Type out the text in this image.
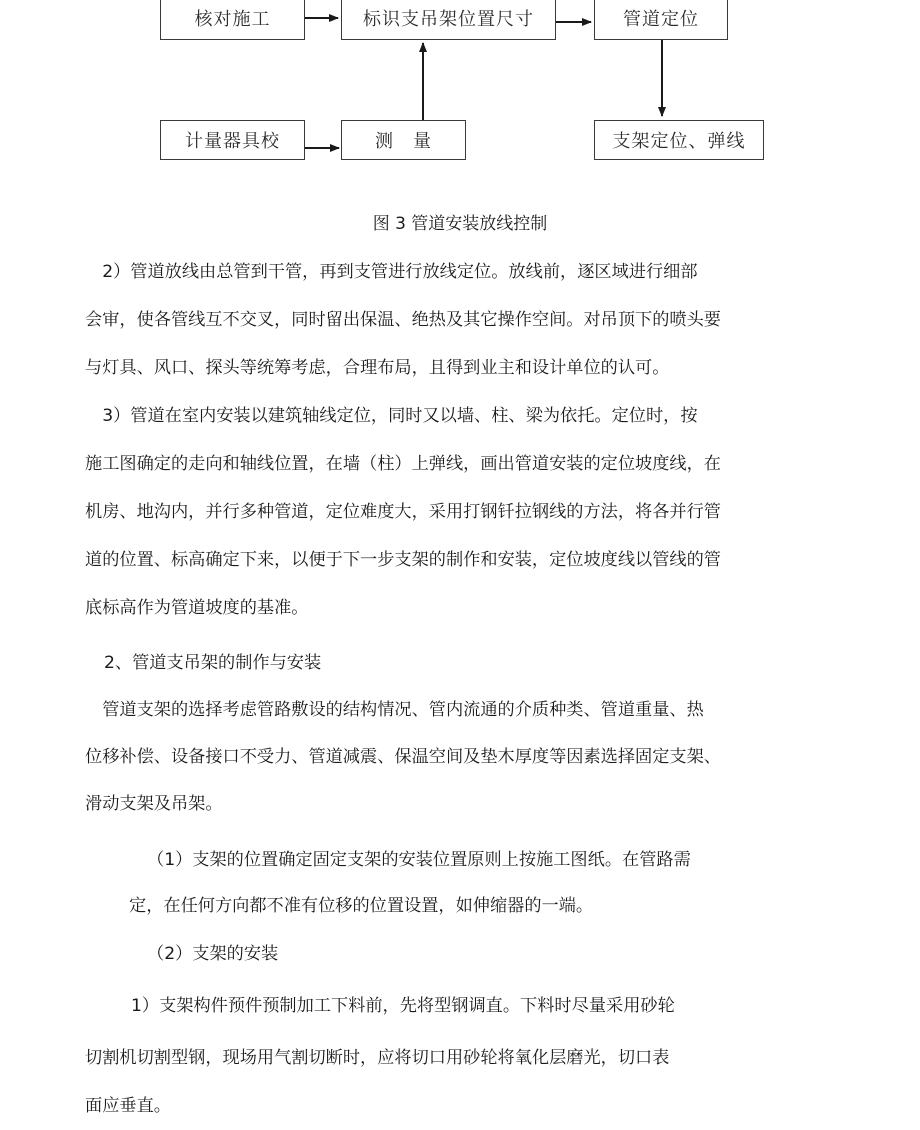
核对施工	标识支吊架位置尺寸	管道定位
计量器具校	测　量	支架定位、弹线
图 3 管道安装放线控制
　2）管道放线由总管到干管，再到支管进行放线定位。放线前，逐区域进行细部
会审，使各管线互不交叉，同时留出保温、绝热及其它操作空间。对吊顶下的喷头要
与灯具、风口、探头等统筹考虑，合理布局，且得到业主和设计单位的认可。
　3）管道在室内安装以建筑轴线定位，同时又以墙、柱、梁为依托。定位时，按
施工图确定的走向和轴线位置，在墙（柱）上弹线，画出管道安装的定位坡度线，在
机房、地沟内，并行多种管道，定位难度大，采用打钢钎拉钢线的方法，将各并行管
道的位置、标高确定下来，以便于下一步支架的制作和安装，定位坡度线以管线的管
底标高作为管道坡度的基准。
2、管道支吊架的制作与安装
　管道支架的选择考虑管路敷设的结构情况、管内流通的介质种类、管道重量、热
位移补偿、设备接口不受力、管道减震、保温空间及垫木厚度等因素选择固定支架、
滑动支架及吊架。
（1）支架的位置确定固定支架的安装位置原则上按施工图纸。在管路需
定，在任何方向都不准有位移的位置设置，如伸缩器的一端。
（2）支架的安装
1）支架构件预件预制加工下料前，先将型钢调直。下料时尽量采用砂轮
切割机切割型钢，现场用气割切断时，应将切口用砂轮将氧化层磨光，切口表
面应垂直。
